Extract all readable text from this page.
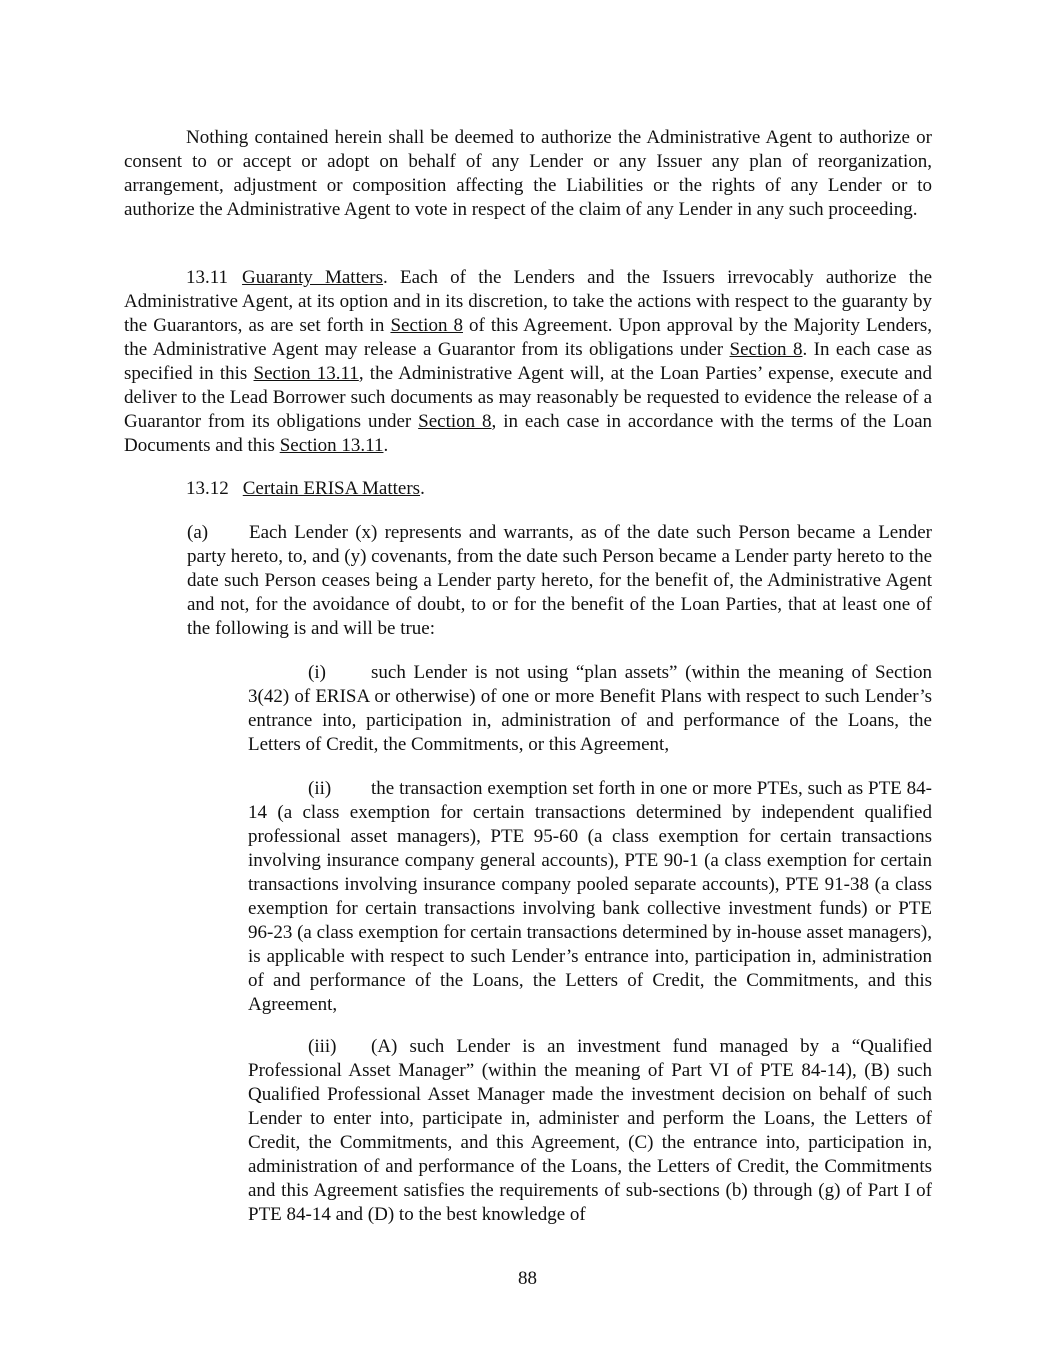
Nothing contained herein shall be deemed to authorize the Administrative Agent to authorize or consent to or accept or adopt on behalf of any Lender or any Issuer any plan of reorganization, arrangement, adjustment or composition affecting the Liabilities or the rights of any Lender or to authorize the Administrative Agent to vote in respect of the claim of any Lender in any such proceeding.

13.11 Guaranty Matters. Each of the Lenders and the Issuers irrevocably authorize the Administrative Agent, at its option and in its discretion, to take the actions with respect to the guaranty by the Guarantors, as are set forth in Section 8 of this Agreement. Upon approval by the Majority Lenders, the Administrative Agent may release a Guarantor from its obligations under Section 8. In each case as specified in this Section 13.11, the Administrative Agent will, at the Loan Parties’ expense, execute and deliver to the Lead Borrower such documents as may reasonably be requested to evidence the release of a Guarantor from its obligations under Section 8, in each case in accordance with the terms of the Loan Documents and this Section 13.11.

13.12 Certain ERISA Matters.

(a) Each Lender (x) represents and warrants, as of the date such Person became a Lender party hereto, to, and (y) covenants, from the date such Person became a Lender party hereto to the date such Person ceases being a Lender party hereto, for the benefit of, the Administrative Agent and not, for the avoidance of doubt, to or for the benefit of the Loan Parties, that at least one of the following is and will be true:

(i) such Lender is not using “plan assets” (within the meaning of Section 3(42) of ERISA or otherwise) of one or more Benefit Plans with respect to such Lender’s entrance into, participation in, administration of and performance of the Loans, the Letters of Credit, the Commitments, or this Agreement,

(ii) the transaction exemption set forth in one or more PTEs, such as PTE 84-14 (a class exemption for certain transactions determined by independent qualified professional asset managers), PTE 95-60 (a class exemption for certain transactions involving insurance company general accounts), PTE 90-1 (a class exemption for certain transactions involving insurance company pooled separate accounts), PTE 91-38 (a class exemption for certain transactions involving bank collective investment funds) or PTE 96-23 (a class exemption for certain transactions determined by in-house asset managers), is applicable with respect to such Lender’s entrance into, participation in, administration of and performance of the Loans, the Letters of Credit, the Commitments, and this Agreement,

(iii) (A) such Lender is an investment fund managed by a “Qualified Professional Asset Manager” (within the meaning of Part VI of PTE 84-14), (B) such Qualified Professional Asset Manager made the investment decision on behalf of such Lender to enter into, participate in, administer and perform the Loans, the Letters of Credit, the Commitments, and this Agreement, (C) the entrance into, participation in, administration of and performance of the Loans, the Letters of Credit, the Commitments and this Agreement satisfies the requirements of sub-sections (b) through (g) of Part I of PTE 84-14 and (D) to the best knowledge of

88
